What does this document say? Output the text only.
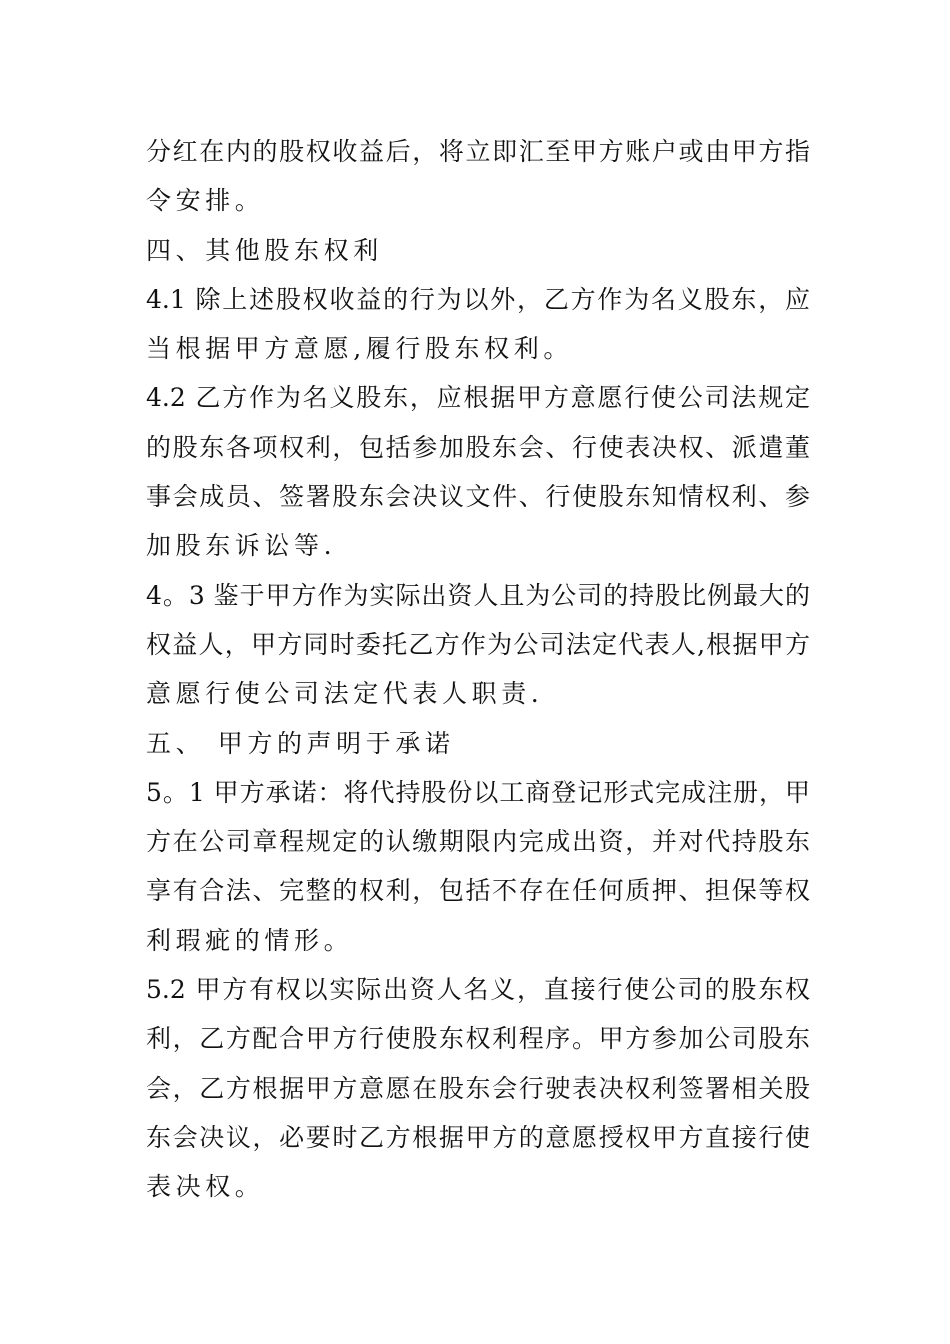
分红在内的股权收益后，将立即汇至甲方账户或由甲方指
令安排。
四、其他股东权利
4.1 除上述股权收益的行为以外，乙方作为名义股东，应
当根据甲方意愿,履行股东权利。
4.2 乙方作为名义股东，应根据甲方意愿行使公司法规定
的股东各项权利，包括参加股东会、行使表决权、派遣董
事会成员、签署股东会决议文件、行使股东知情权利、参
加股东诉讼等.
4。3 鉴于甲方作为实际出资人且为公司的持股比例最大的
权益人，甲方同时委托乙方作为公司法定代表人,根据甲方
意愿行使公司法定代表人职责.
五、 甲方的声明于承诺
5。1 甲方承诺：将代持股份以工商登记形式完成注册，甲
方在公司章程规定的认缴期限内完成出资，并对代持股东
享有合法、完整的权利，包括不存在任何质押、担保等权
利瑕疵的情形。
5.2 甲方有权以实际出资人名义，直接行使公司的股东权
利，乙方配合甲方行使股东权利程序。甲方参加公司股东
会，乙方根据甲方意愿在股东会行驶表决权利签署相关股
东会决议，必要时乙方根据甲方的意愿授权甲方直接行使
表决权。
